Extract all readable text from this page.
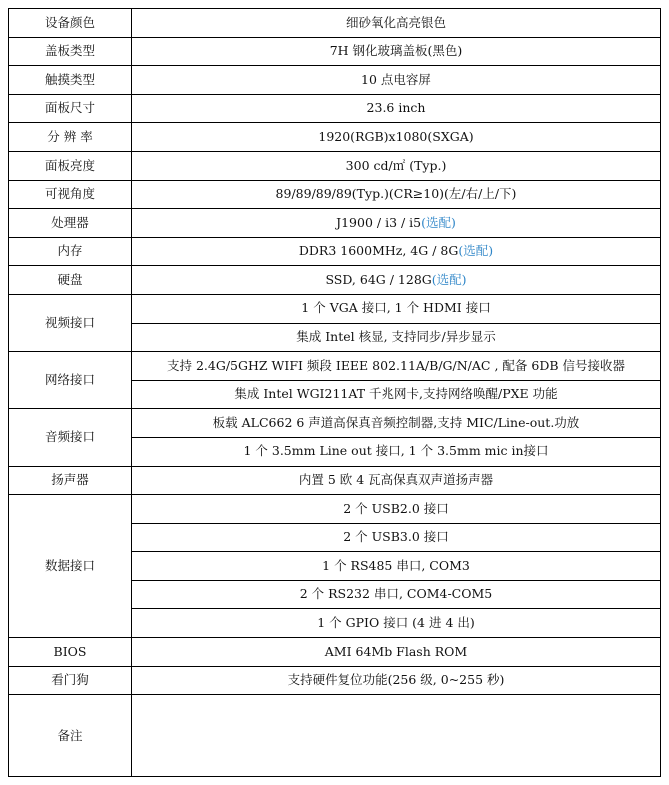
设备颜色	细砂氧化高亮银色
盖板类型	7H 钢化玻璃盖板(黑色)
触摸类型	10 点电容屏
面板尺寸	23.6 inch
分 辨 率	1920(RGB)x1080(SXGA)
面板亮度	300 cd/㎡ (Typ.)
可视角度	89/89/89/89(Typ.)(CR≥10)(左/右/上/下)
处理器	J1900 / i3 / i5(选配)
内存	DDR3 1600MHz, 4G / 8G(选配)
硬盘	SSD, 64G / 128G(选配)
视频接口	1 个 VGA 接口, 1 个 HDMI 接口
	集成 Intel 核显, 支持同步/异步显示
网络接口	支持 2.4G/5GHZ WIFI 频段 IEEE 802.11A/B/G/N/AC , 配备 6DB 信号接收器
	集成 Intel WGI211AT 千兆网卡,支持网络唤醒/PXE 功能
音频接口	板载 ALC662 6 声道高保真音频控制器,支持 MIC/Line-out.功放
	1 个 3.5mm Line out 接口, 1 个 3.5mm mic in接口
扬声器	内置 5 欧 4 瓦高保真双声道扬声器
数据接口	2 个 USB2.0 接口
	2 个 USB3.0 接口
	1 个 RS485 串口, COM3
	2 个 RS232 串口, COM4-COM5
	1 个 GPIO 接口 (4 进 4 出)
BIOS	AMI 64Mb Flash ROM
看门狗	支持硬件复位功能(256 级, 0~255 秒)
备注	
